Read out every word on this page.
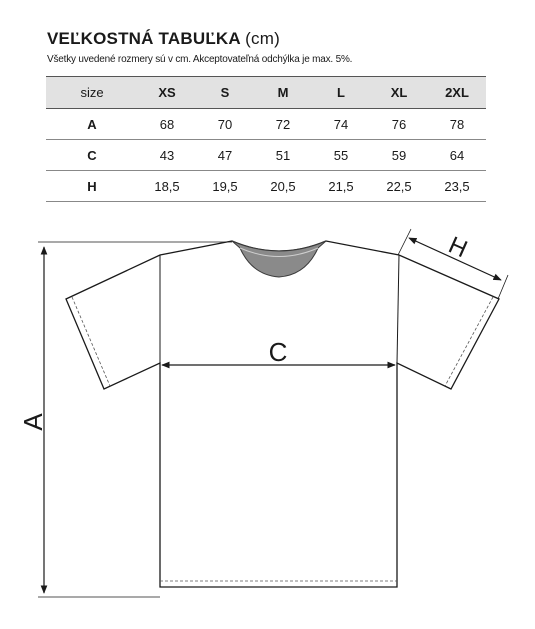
VEĽKOSTNÁ TABUĽKA (cm)
Všetky uvedené rozmery sú v cm. Akceptovateľná odchýlka je max. 5%.
size	XS	S	M	L	XL	2XL
A	68	70	72	74	76	78
C	43	47	51	55	59	64
H	18,5	19,5	20,5	21,5	22,5	23,5
A
C
H
